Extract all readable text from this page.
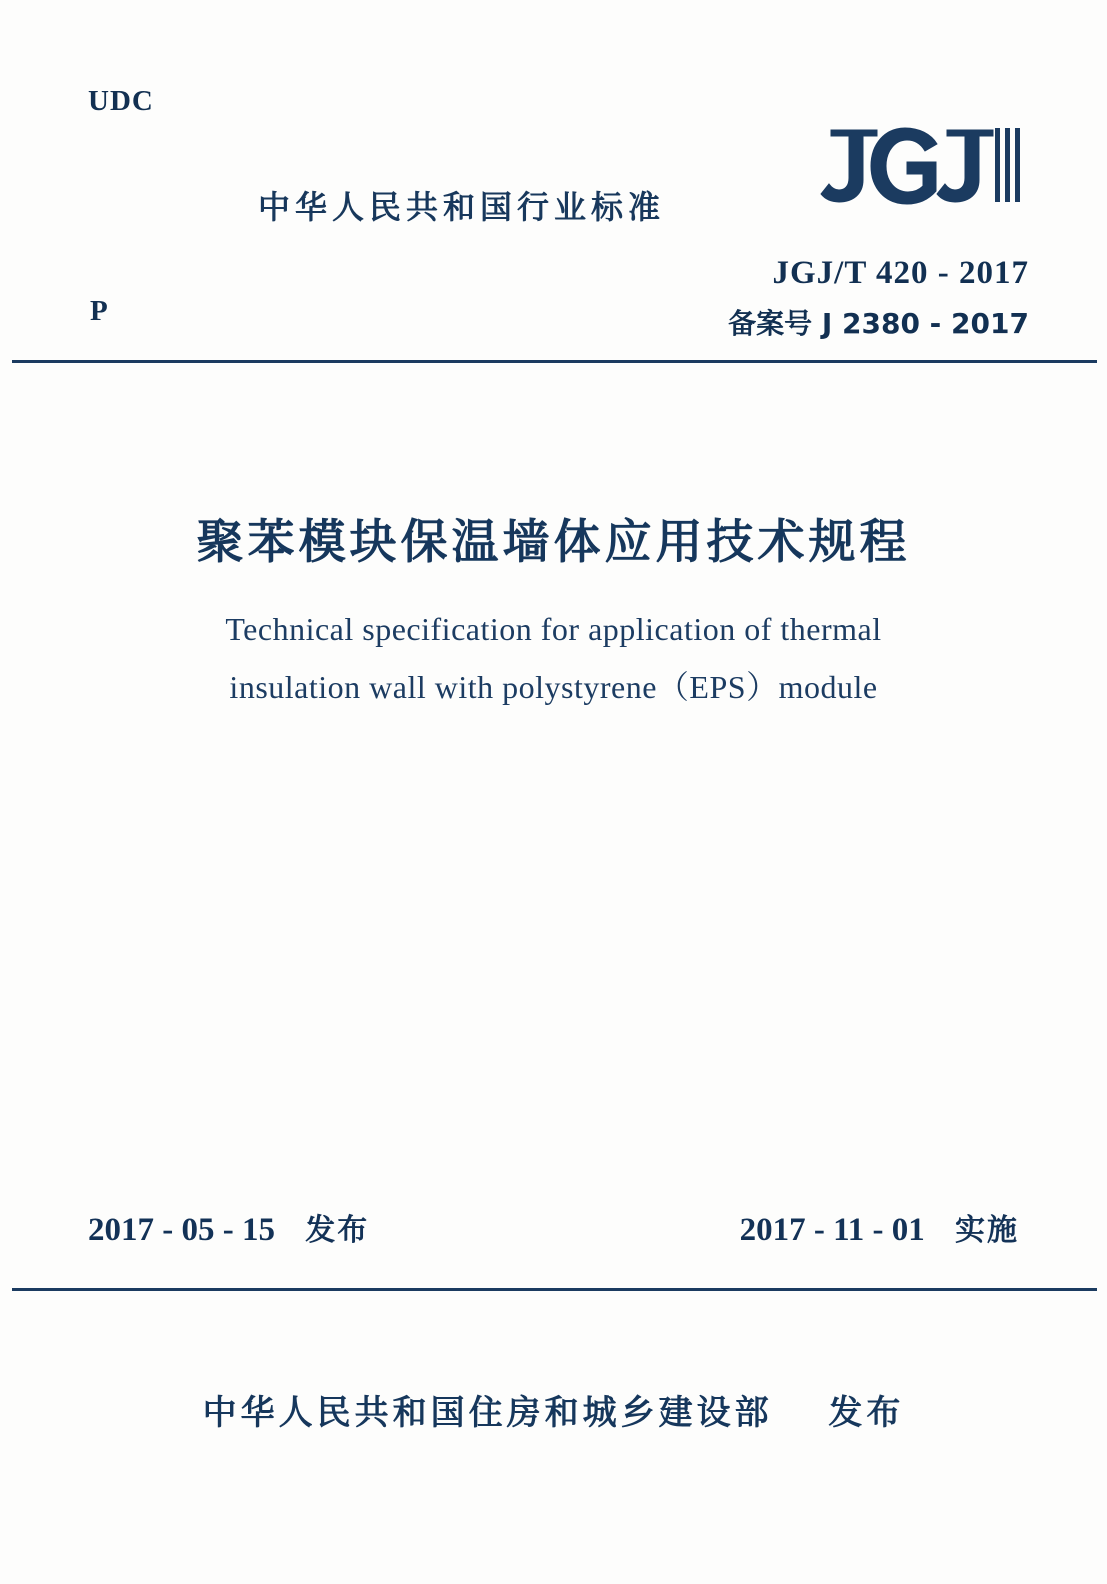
UDC
中华人民共和国行业标准
JGJ/T 420 - 2017
备案号 J 2380 - 2017
P
聚苯模块保温墙体应用技术规程
Technical specification for application of thermal
insulation wall with polystyrene（EPS）module
2017 - 05 - 15 发布	2017 - 11 - 01 实施
中华人民共和国住房和城乡建设部 发布
